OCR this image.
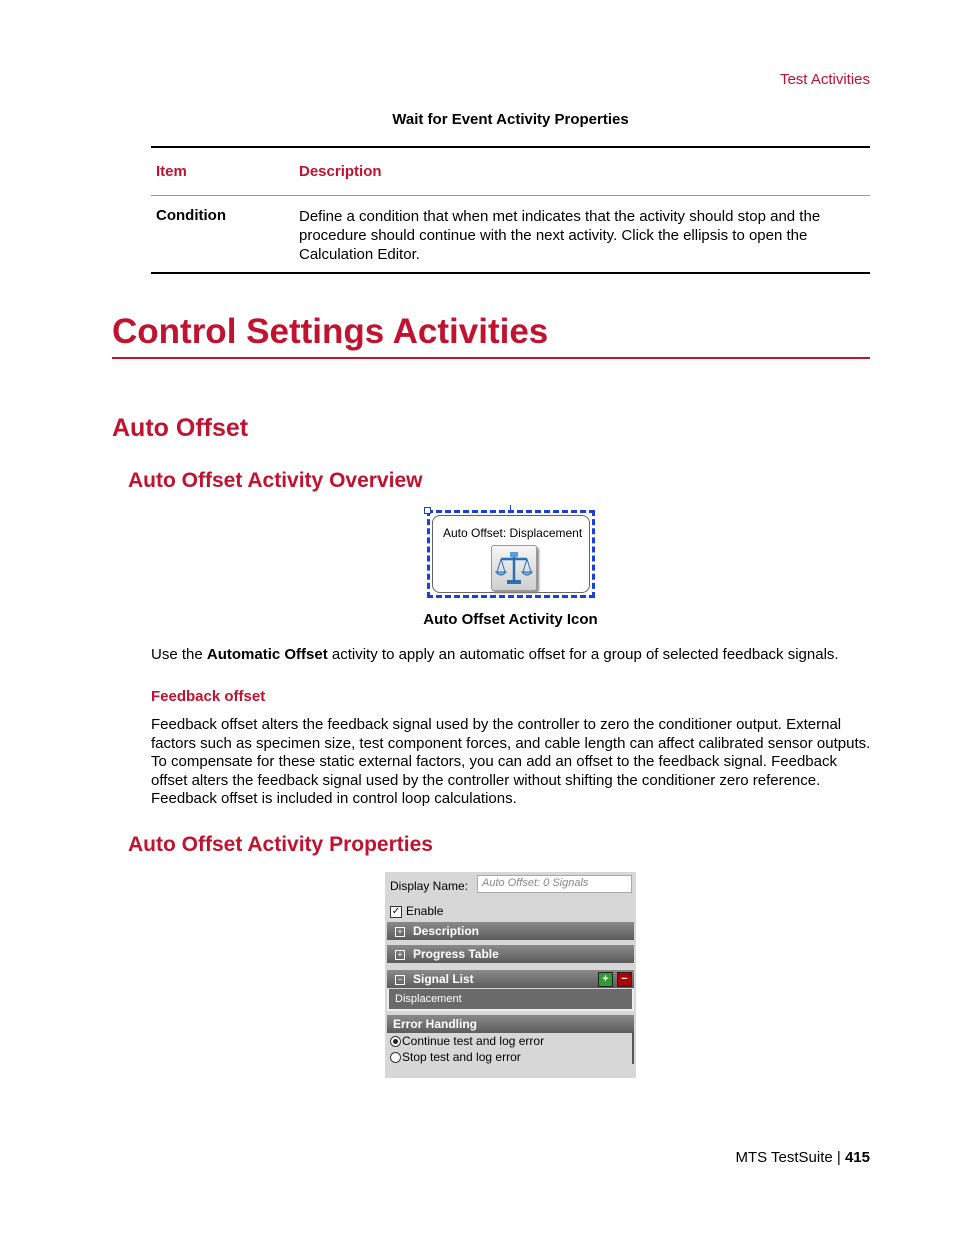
Test Activities
Wait for Event Activity Properties
Item	Description
Condition	Define a condition that when met indicates that the activity should stop and the procedure should continue with the next activity. Click the ellipsis to open the Calculation Editor.
Control Settings Activities
Auto Offset
Auto Offset Activity Overview
Auto Offset: Displacement
Auto Offset Activity Icon
Use the Automatic Offset activity to apply an automatic offset for a group of selected feedback signals.
Feedback offset
Feedback offset alters the feedback signal used by the controller to zero the conditioner output. External factors such as specimen size, test component forces, and cable length can affect calibrated sensor outputs. To compensate for these static external factors, you can add an offset to the feedback signal. Feedback offset alters the feedback signal used by the controller without shifting the conditioner zero reference. Feedback offset is included in control loop calculations.
Auto Offset Activity Properties
Display Name:	Auto Offset: 0 Signals
✓ Enable
+ Description
+ Progress Table
− Signal List	+	−
Displacement
Error Handling
Continue test and log error
Stop test and log error
MTS TestSuite | 415
